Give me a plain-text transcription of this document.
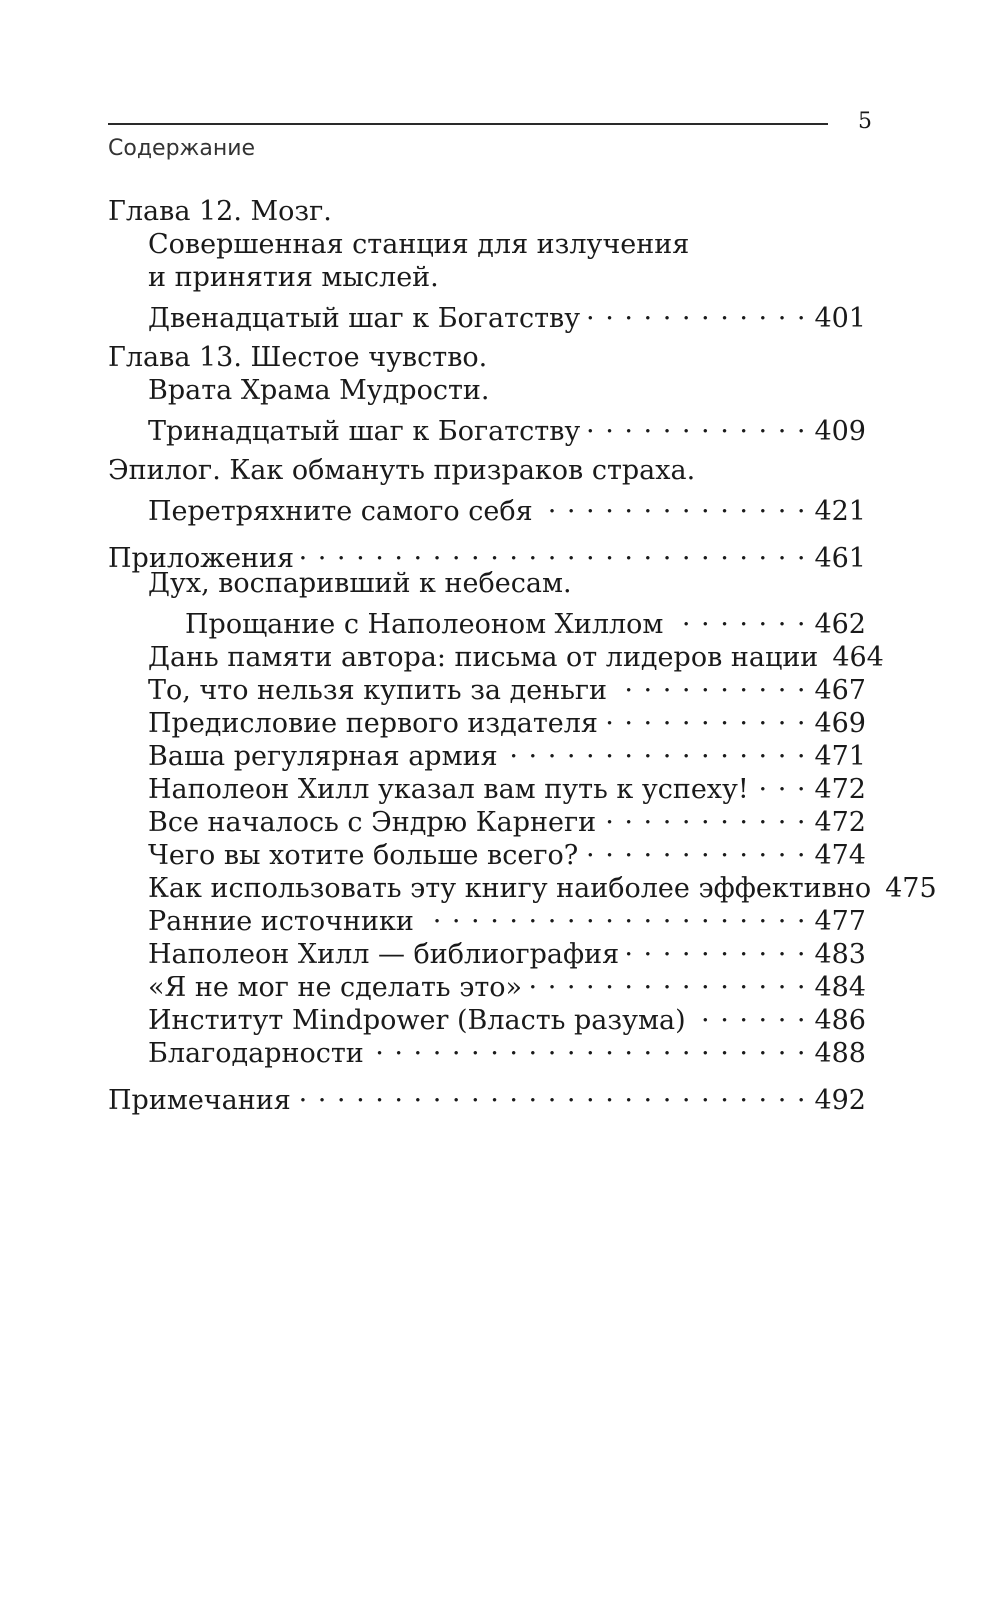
5
Содержание
Глава 12. Мозг.
Совершенная станция для излучения
и принятия мыслей.
Двенадцатый шаг к Богатству . . .	401
Глава 13. Шестое чувство.
Врата Храма Мудрости.
Тринадцатый шаг к Богатству . . .	409
Эпилог. Как обмануть призраков страха.
Перетряхните самого себя . . .	421
Приложения . . .	461
Дух, воспаривший к небесам.
Прощание с Наполеоном Хиллом . . .	462
Дань памяти автора: письма от лидеров нации 464
То, что нельзя купить за деньги . . .	467
Предисловие первого издателя . . .	469
Ваша регулярная армия . . .	471
Наполеон Хилл указал вам путь к успеху! . . . 472
Все началось с Эндрю Карнеги . . .	472
Чего вы хотите больше всего? . . .	474
Как использовать эту книгу наиболее эффективно 475
Ранние источники . . .	477
Наполеон Хилл — библиография . . .	483
«Я не мог не сделать это» . . .	484
Институт Mindpower (Власть разума) . . .	486
Благодарности . . .	488
Примечания . . .	492
